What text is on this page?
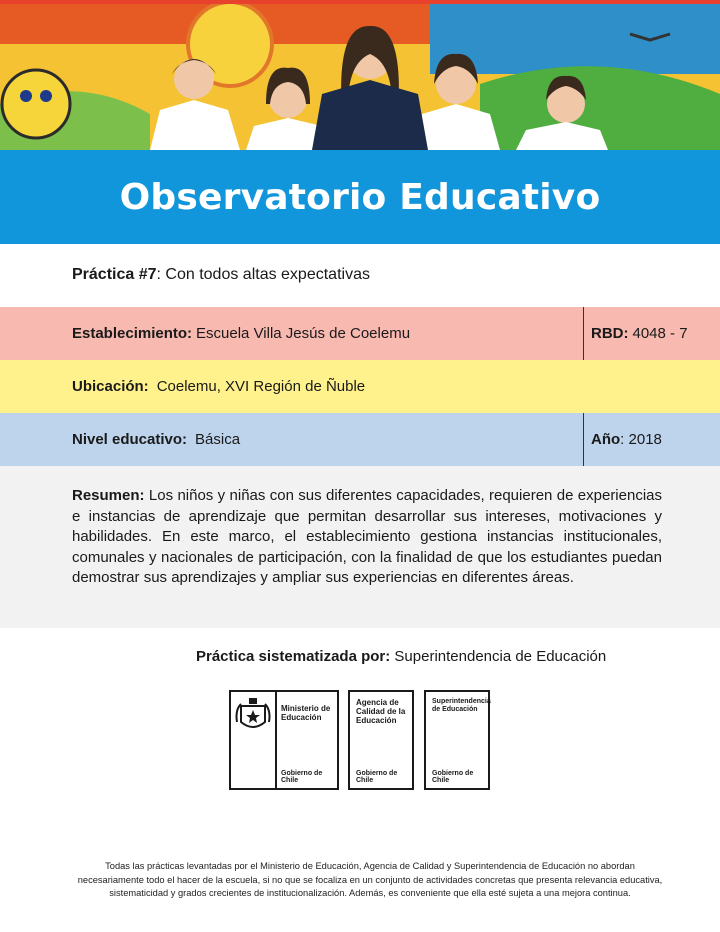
Observatorio Educativo
Práctica #7: Con todos altas expectativas
Establecimiento: Escuela Villa Jesús de Coelemu	RBD: 4048 - 7
Ubicación: Coelemu, XVI Región de Ñuble
Nivel educativo: Básica	Año : 2018

Resumen: Los niños y niñas con sus diferentes capacidades, requieren de experiencias e instancias de aprendizaje que permitan desarrollar sus intereses, motivaciones y habilidades. En este marco, el establecimiento gestiona instancias institucionales, comunales y nacionales de participación, con la finalidad de que los estudiantes puedan demostrar sus aprendizajes y ampliar sus experiencias en diferentes áreas.

Práctica sistematizada por: Superintendencia de Educación
Ministerio de
Educación
Gobierno de Chile
Agencia de
Calidad de la
Educación
Gobierno de Chile
Superintendencia
de Educación
Gobierno de Chile
Todas las prácticas levantadas por el Ministerio de Educación, Agencia de Calidad y Superintendencia de Educación no abordan necesariamente todo el hacer de la escuela, si no que se focaliza en un conjunto de actividades concretas que presenta relevancia educativa, sistematicidad y grados crecientes de institucionalización. Además, es conveniente que ella esté sujeta a una mejora continua.
